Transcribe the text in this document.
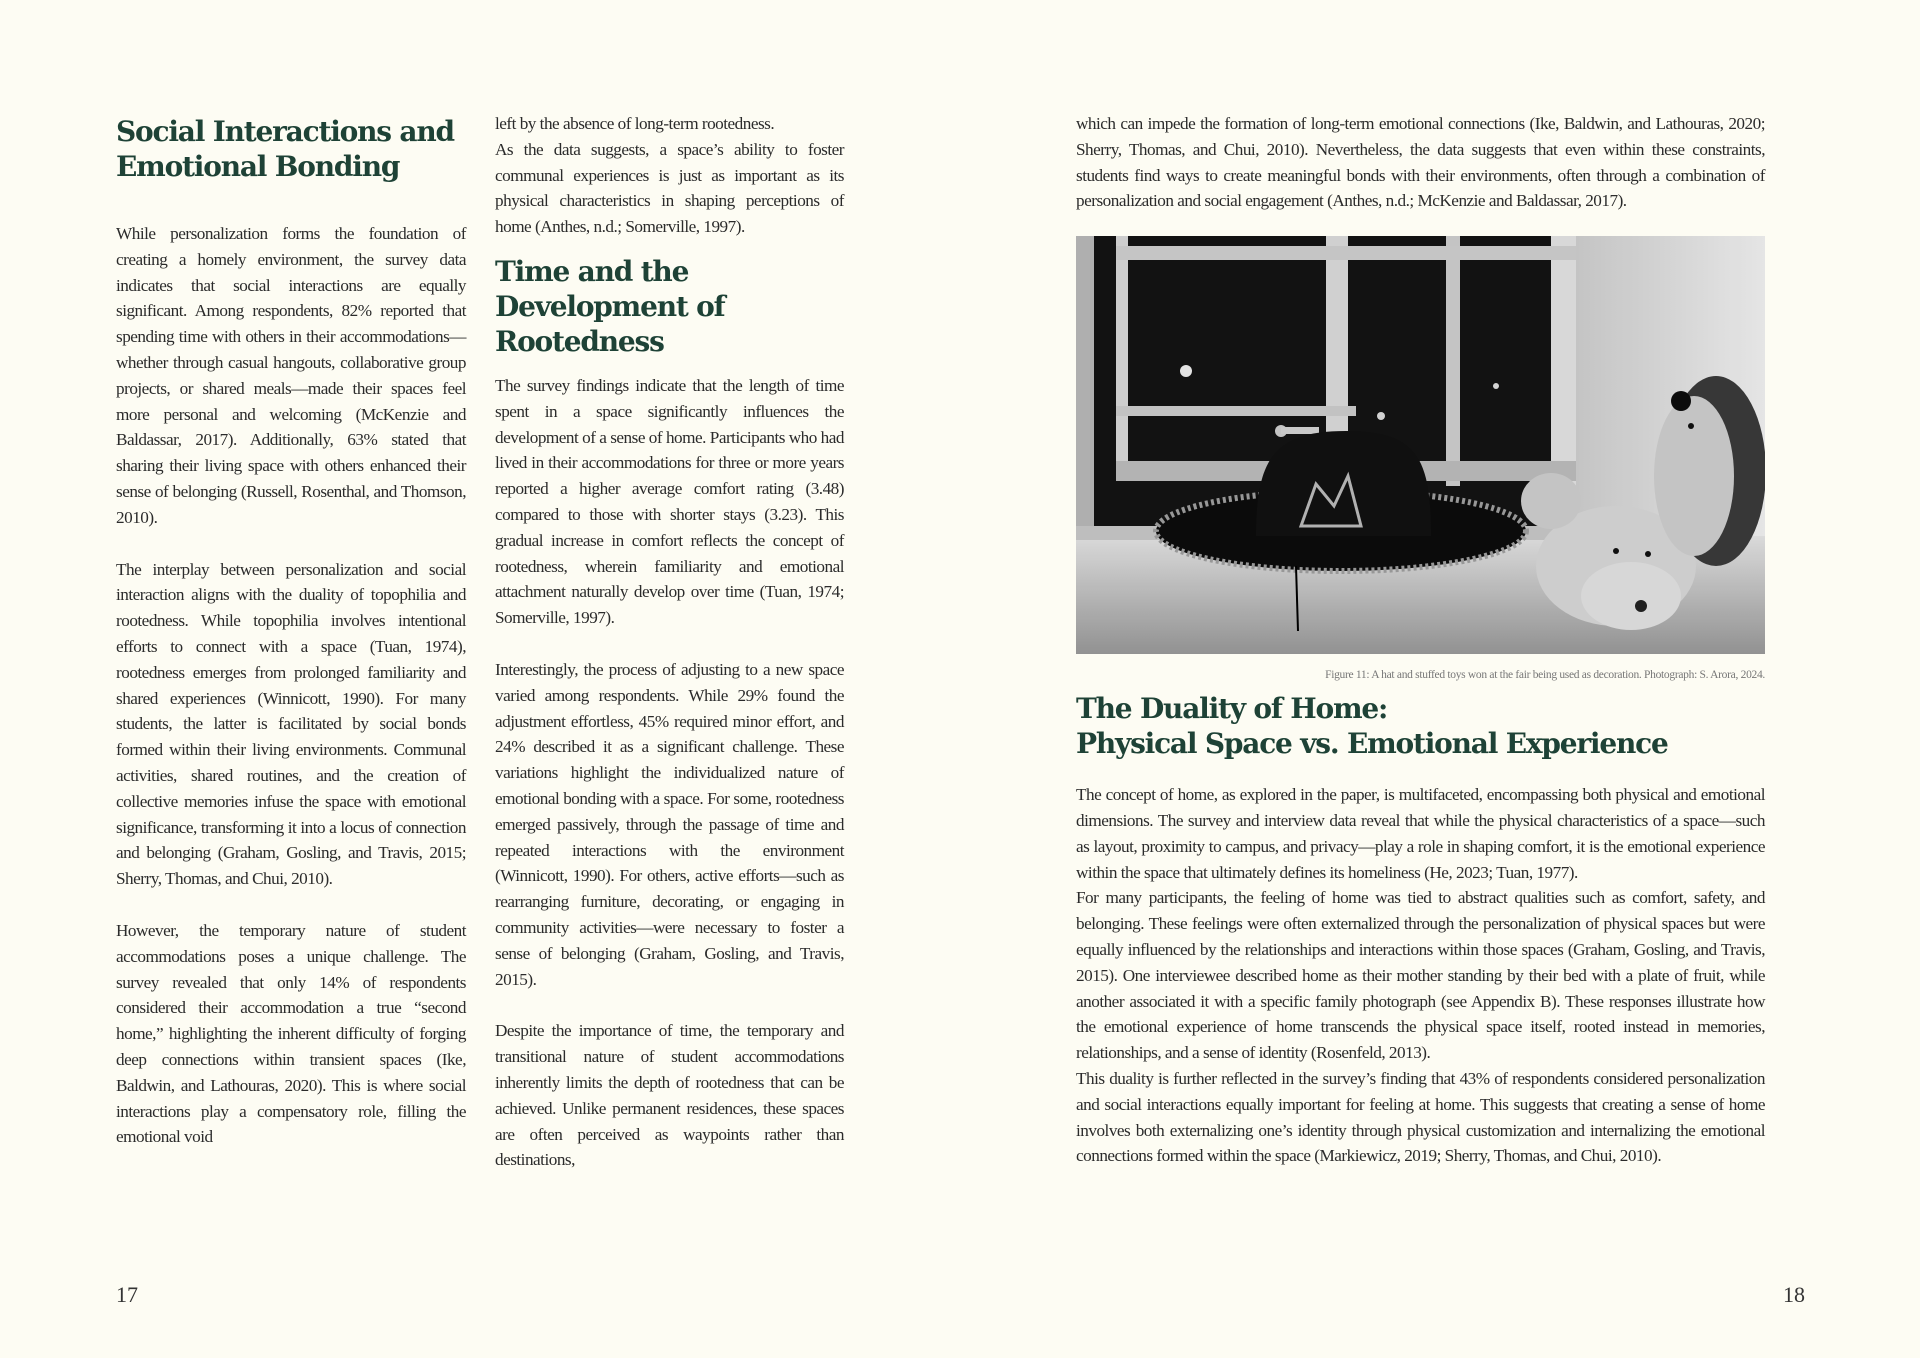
Social Interactions and
Emotional Bonding

While personalization forms the foundation of creating a homely environment, the survey data indicates that social interactions are equally significant. Among respondents, 82% reported that spending time with others in their accommodations—whether through casual hangouts, collaborative group projects, or shared meals—made their spaces feel more personal and welcoming (McKenzie and Baldassar, 2017). Additionally, 63% stated that sharing their living space with others enhanced their sense of belonging (Russell, Rosenthal, and Thomson, 2010).

The interplay between personalization and social interaction aligns with the duality of topophilia and rootedness. While topophilia involves intentional efforts to connect with a space (Tuan, 1974), rootedness emerges from prolonged familiarity and shared experiences (Winnicott, 1990). For many students, the latter is facilitated by social bonds formed within their living environments. Communal activities, shared routines, and the creation of collective memories infuse the space with emotional significance, transforming it into a locus of connection and belonging (Graham, Gosling, and Travis, 2015; Sherry, Thomas, and Chui, 2010).

However, the temporary nature of student accommodations poses a unique challenge. The survey revealed that only 14% of respondents considered their accommodation a true “second home,” highlighting the inherent difficulty of forging deep connections within transient spaces (Ike, Baldwin, and Lathouras, 2020). This is where social interactions play a compensatory role, filling the emotional void

left by the absence of long-term rootedness.

As the data suggests, a space’s ability to foster communal experiences is just as important as its physical characteristics in shaping perceptions of home (Anthes, n.d.; Somerville, 1997).

Time and the
Development of
Rootedness

The survey findings indicate that the length of time spent in a space significantly influences the development of a sense of home. Participants who had lived in their accommodations for three or more years reported a higher average comfort rating (3.48) compared to those with shorter stays (3.23). This gradual increase in comfort reflects the concept of rootedness, wherein familiarity and emotional attachment naturally develop over time (Tuan, 1974; Somerville, 1997).

Interestingly, the process of adjusting to a new space varied among respondents. While 29% found the adjustment effortless, 45% required minor effort, and 24% described it as a significant challenge. These variations highlight the individualized nature of emotional bonding with a space. For some, rootedness emerged passively, through the passage of time and repeated interactions with the environment (Winnicott, 1990). For others, active efforts—such as rearranging furniture, decorating, or engaging in community activities—were necessary to foster a sense of belonging (Graham, Gosling, and Travis, 2015).

Despite the importance of time, the temporary and transitional nature of student accommodations inherently limits the depth of rootedness that can be achieved. Unlike permanent residences, these spaces are often perceived as waypoints rather than destinations,

17

which can impede the formation of long-term emotional connections (Ike, Baldwin, and Lathouras, 2020; Sherry, Thomas, and Chui, 2010). Nevertheless, the data suggests that even within these constraints, students find ways to create meaningful bonds with their environments, often through a combination of personalization and social engagement (Anthes, n.d.; McKenzie and Baldassar, 2017).

Figure 11: A hat and stuffed toys won at the fair being used as decoration. Photograph: S. Arora, 2024.
The Duality of Home:
Physical Space vs. Emotional Experience

The concept of home, as explored in the paper, is multifaceted, encompassing both physical and emotional dimensions. The survey and interview data reveal that while the physical characteristics of a space—such as layout, proximity to campus, and privacy—play a role in shaping comfort, it is the emotional experience within the space that ultimately defines its homeliness (He, 2023; Tuan, 1977).

For many participants, the feeling of home was tied to abstract qualities such as comfort, safety, and belonging. These feelings were often externalized through the personalization of physical spaces but were equally influenced by the relationships and interactions within those spaces (Graham, Gosling, and Travis, 2015). One interviewee described home as their mother standing by their bed with a plate of fruit, while another associated it with a specific family photograph (see Appendix B). These responses illustrate how the emotional experience of home transcends the physical space itself, rooted instead in memories, relationships, and a sense of identity (Rosenfeld, 2013).

This duality is further reflected in the survey’s finding that 43% of respondents considered personalization and social interactions equally important for feeling at home. This suggests that creating a sense of home involves both externalizing one’s identity through physical customization and internalizing the emotional connections formed within the space (Markiewicz, 2019; Sherry, Thomas, and Chui, 2010).

18
